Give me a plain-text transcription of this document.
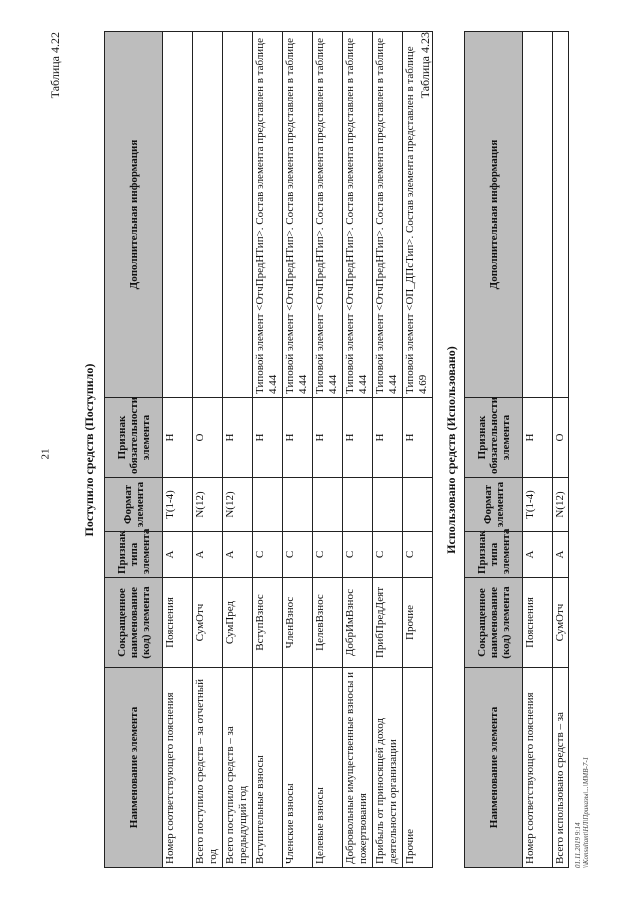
21
Таблица 4.22
Поступило средств (Поступило)
Наименование элемента	Сокращенное наименование (код) элемента	Признак типа элемента	Формат элемента	Признак обязательности элемента	Дополнительная информация
Номер соответствующего пояснения	Пояснения	А	T(1-4)	Н	
Всего поступило средств – за отчетный год	СумОтч	А	N(12)	О	
Всего поступило средств – за предыдущий год	СумПред	А	N(12)	Н	
Вступительные взносы	ВступВзнос	С		Н	Типовой элемент <ОтчПредНТип>. Состав элемента представлен в таблице 4.44
Членские взносы	ЧленВзнос	С		Н	Типовой элемент <ОтчПредНТип>. Состав элемента представлен в таблице 4.44
Целевые взносы	ЦелевВзнос	С		Н	Типовой элемент <ОтчПредНТип>. Состав элемента представлен в таблице 4.44
Добровольные имущественные взносы и пожертвования	ДобрИмВзнос	С		Н	Типовой элемент <ОтчПредНТип>. Состав элемента представлен в таблице 4.44
Прибыль от приносящей доход деятельности организации	ПрибПредДеят	С		Н	Типовой элемент <ОтчПредНТип>. Состав элемента представлен в таблице 4.44
Прочие	Прочие	С		Н	Типовой элемент <ОП_ДПсТип>. Состав элемента представлен в таблице 4.69
Таблица 4.23
Использовано средств (Использовано)
Наименование элемента	Сокращенное наименование (код) элемента	Признак типа элемента	Формат элемента	Признак обязательности элемента	Дополнительная информация
Номер соответствующего пояснения	Пояснения	А	T(1-4)	Н	
Всего использовано средств – за	СумОтч	А	N(12)	О	
01.11.2019 9:14 \\Konsultant\НЛ\Приказы\...\ММВ-7-1
